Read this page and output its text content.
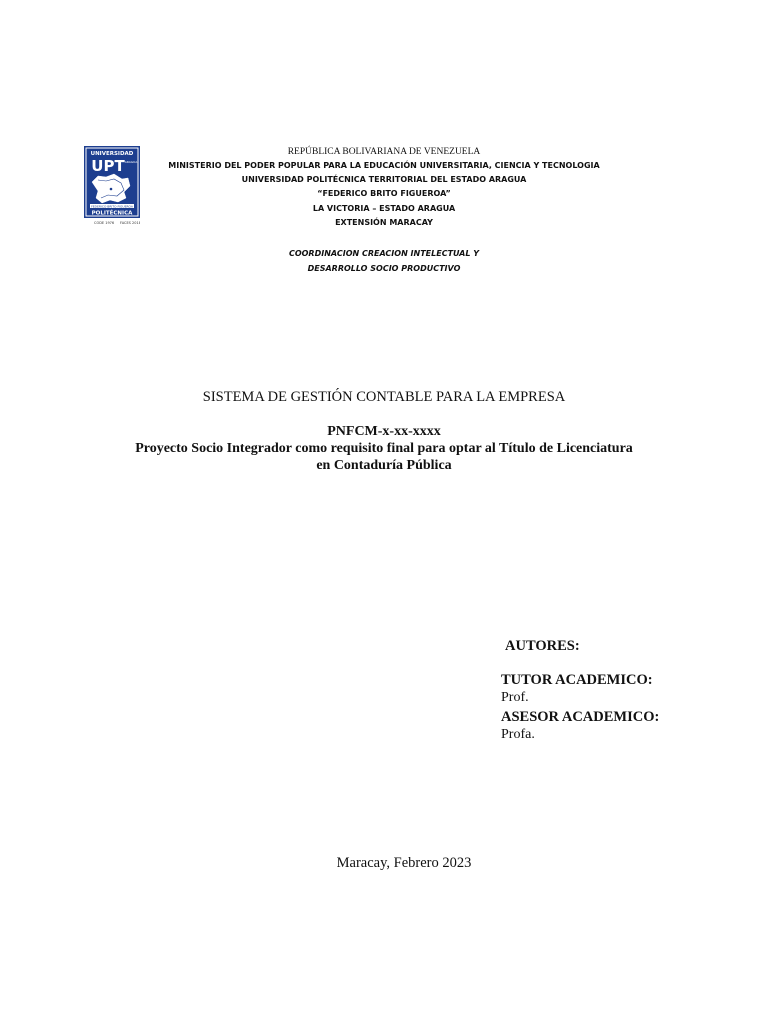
UNIVERSIDAD
UPT ARAGUA
FEDERICO BRITO FIGUEROA
POLITÉCNICA
CODE 1976 FACES 2018
REPÚBLICA BOLIVARIANA DE VENEZUELA
MINISTERIO DEL PODER POPULAR PARA LA EDUCACIÓN UNIVERSITARIA, CIENCIA Y TECNOLOGIA
UNIVERSIDAD POLITÉCNICA TERRITORIAL DEL ESTADO ARAGUA
“FEDERICO BRITO FIGUEROA”
LA VICTORIA – ESTADO ARAGUA
EXTENSIÓN MARACAY
COORDINACION CREACION INTELECTUAL Y
DESARROLLO SOCIO PRODUCTIVO
SISTEMA DE GESTIÓN CONTABLE PARA LA EMPRESA
PNFCM-x-xx-xxxx
Proyecto Socio Integrador como requisito final para optar al Título de Licenciatura
en Contaduría Pública
AUTORES:
TUTOR ACADEMICO:
Prof.
ASESOR ACADEMICO:
Profa.
Maracay, Febrero 2023
